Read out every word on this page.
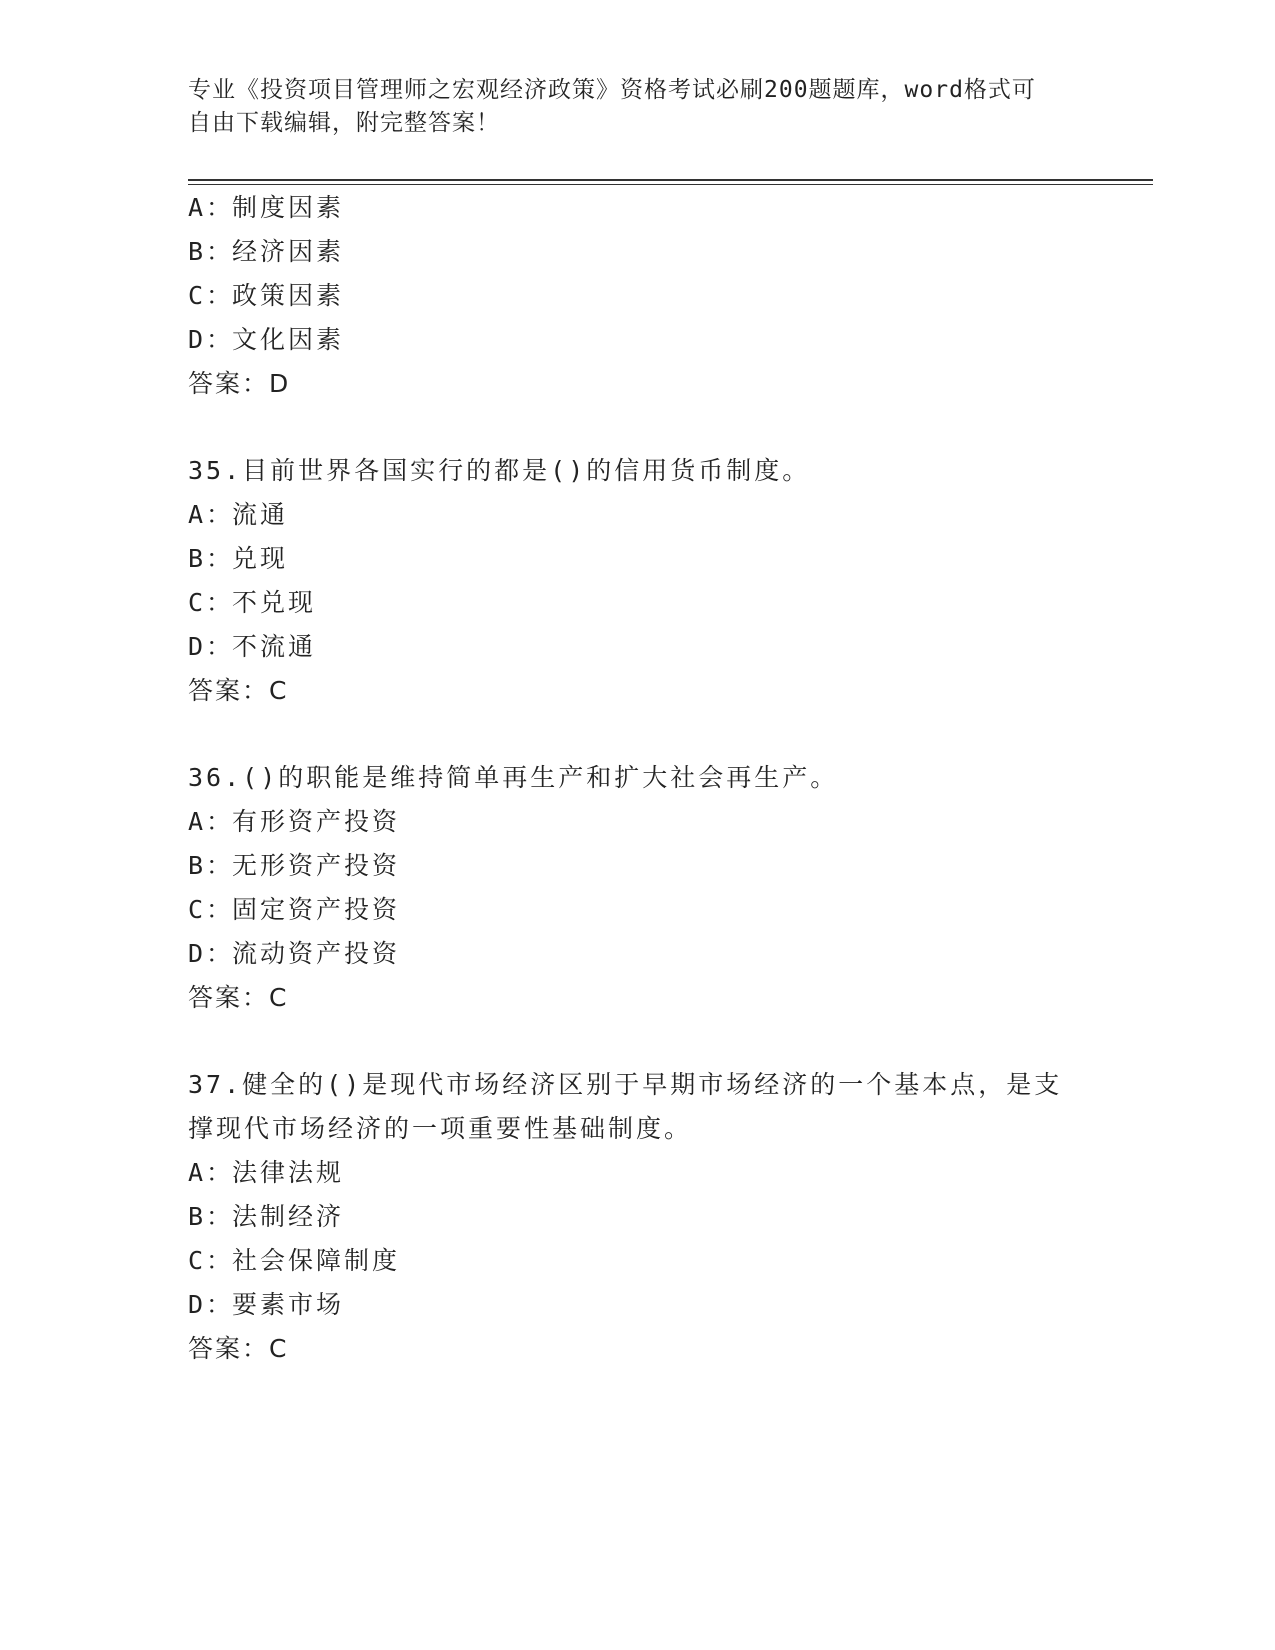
专业《投资项目管理师之宏观经济政策》资格考试必刷200题题库，word格式可
自由下载编辑，附完整答案！
A：制度因素
B：经济因素
C：政策因素
D：文化因素
答案：D
35.目前世界各国实行的都是()的信用货币制度。
A：流通
B：兑现
C：不兑现
D：不流通
答案：C
36.()的职能是维持简单再生产和扩大社会再生产。
A：有形资产投资
B：无形资产投资
C：固定资产投资
D：流动资产投资
答案：C
37.健全的()是现代市场经济区别于早期市场经济的一个基本点，是支
撑现代市场经济的一项重要性基础制度。
A：法律法规
B：法制经济
C：社会保障制度
D：要素市场
答案：C
